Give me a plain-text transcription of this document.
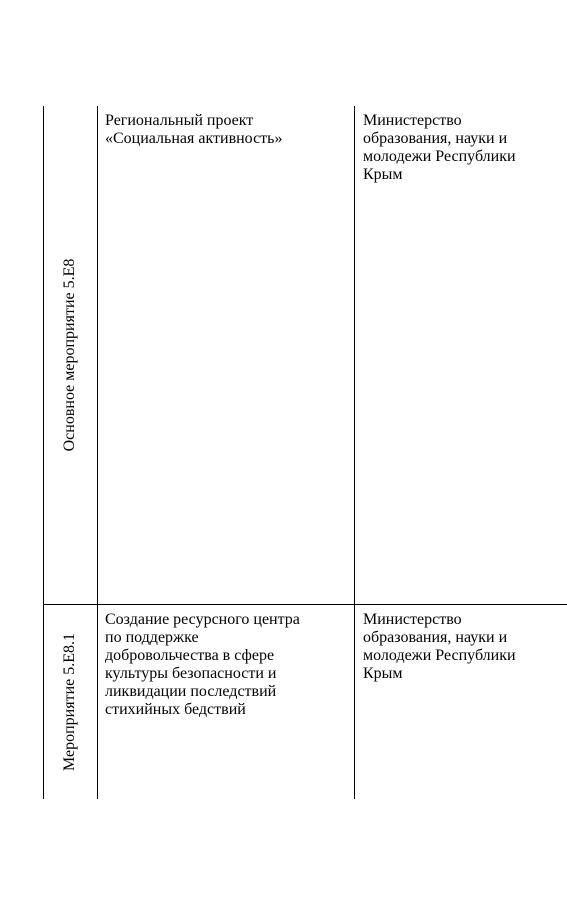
Основное мероприятие 5.Е8
Региональный проект
«Социальная активность»
Министерство
образования, науки и
молодежи Республики
Крым
Мероприятие 5.Е8.1
Создание ресурсного центра
по поддержке
добровольчества в сфере
культуры безопасности и
ликвидации последствий
стихийных бедствий
Министерство
образования, науки и
молодежи Республики
Крым
